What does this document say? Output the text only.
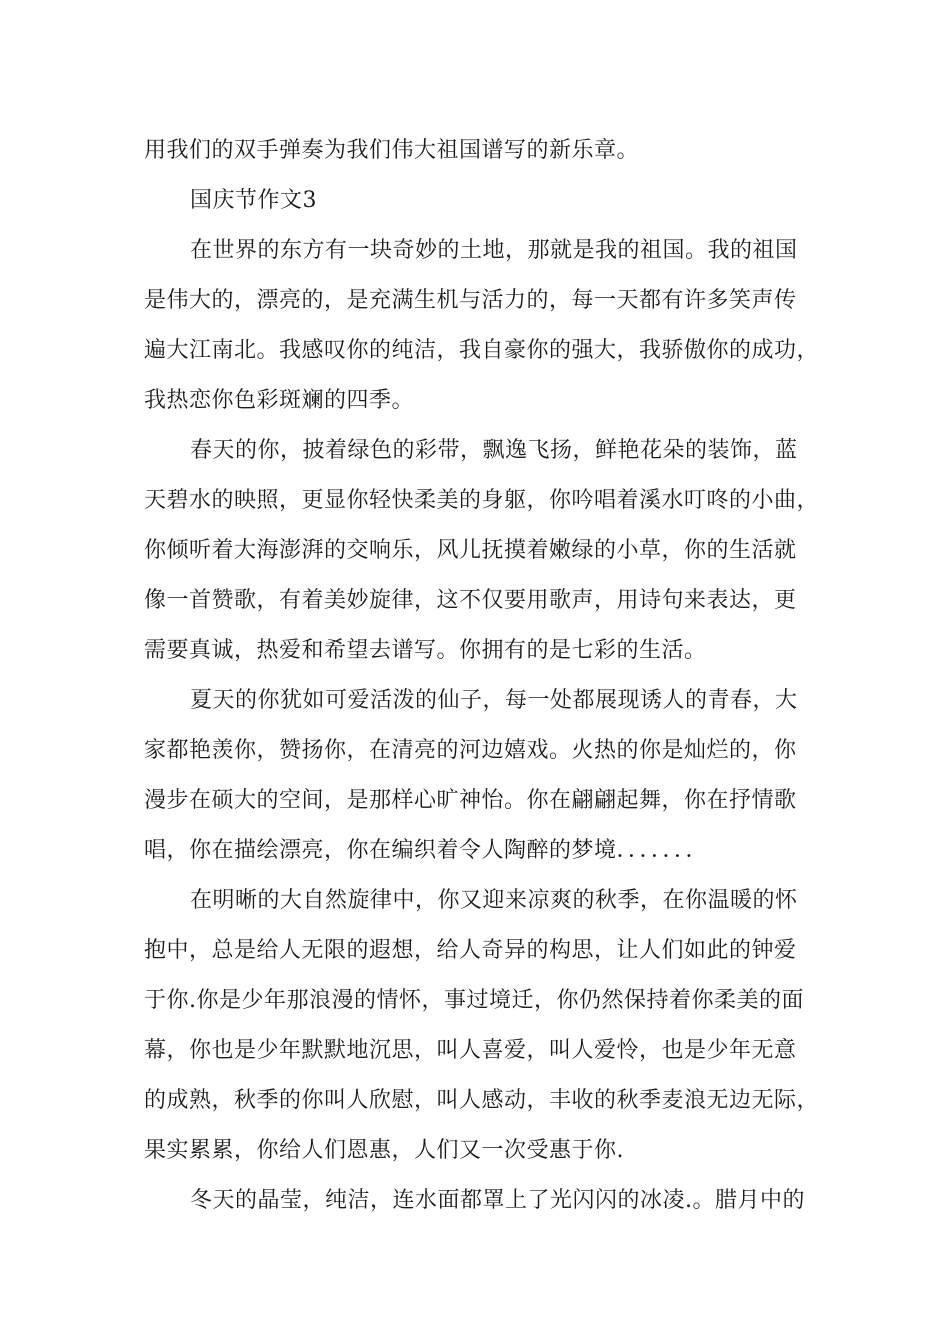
用我们的双手弹奏为我们伟大祖国谱写的新乐章。
国庆节作文3
在世界的东方有一块奇妙的土地，那就是我的祖国。我的祖国
是伟大的，漂亮的，是充满生机与活力的，每一天都有许多笑声传
遍大江南北。我感叹你的纯洁，我自豪你的强大，我骄傲你的成功，
我热恋你色彩斑斓的四季。
春天的你，披着绿色的彩带，飘逸飞扬，鲜艳花朵的装饰，蓝
天碧水的映照，更显你轻快柔美的身躯，你吟唱着溪水叮咚的小曲，
你倾听着大海澎湃的交响乐，风儿抚摸着嫩绿的小草，你的生活就
像一首赞歌，有着美妙旋律，这不仅要用歌声，用诗句来表达，更
需要真诚，热爱和希望去谱写。你拥有的是七彩的生活。
夏天的你犹如可爱活泼的仙子，每一处都展现诱人的青春，大
家都艳羡你，赞扬你，在清亮的河边嬉戏。火热的你是灿烂的，你
漫步在硕大的空间，是那样心旷神怡。你在翩翩起舞，你在抒情歌
唱，你在描绘漂亮，你在编织着令人陶醉的梦境．．．．．．．
在明晰的大自然旋律中，你又迎来凉爽的秋季，在你温暖的怀
抱中，总是给人无限的遐想，给人奇异的构思，让人们如此的钟爱
于你.你是少年那浪漫的情怀，事过境迁，你仍然保持着你柔美的面
幕，你也是少年默默地沉思，叫人喜爱，叫人爱怜，也是少年无意
的成熟，秋季的你叫人欣慰，叫人感动，丰收的秋季麦浪无边无际，
果实累累，你给人们恩惠，人们又一次受惠于你.
冬天的晶莹，纯洁，连水面都罩上了光闪闪的冰凌.。腊月中的
